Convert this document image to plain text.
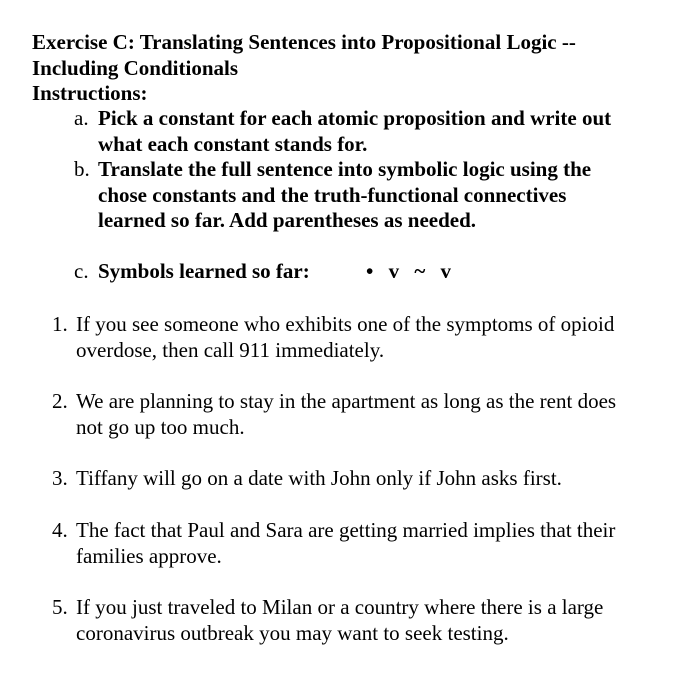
Exercise C: Translating Sentences into Propositional Logic -- Including Conditionals

Instructions:

a. Pick a constant for each atomic proposition and write out what each constant stands for.
b. Translate the full sentence into symbolic logic using the chose constants and the truth-functional connectives learned so far. Add parentheses as needed.
c. Symbols learned so far:	• v ~ v
1. If you see someone who exhibits one of the symptoms of opioid overdose, then call 911 immediately.
2. We are planning to stay in the apartment as long as the rent does not go up too much.
3. Tiffany will go on a date with John only if John asks first.
4. The fact that Paul and Sara are getting married implies that their families approve.
5. If you just traveled to Milan or a country where there is a large coronavirus outbreak you may want to seek testing.
